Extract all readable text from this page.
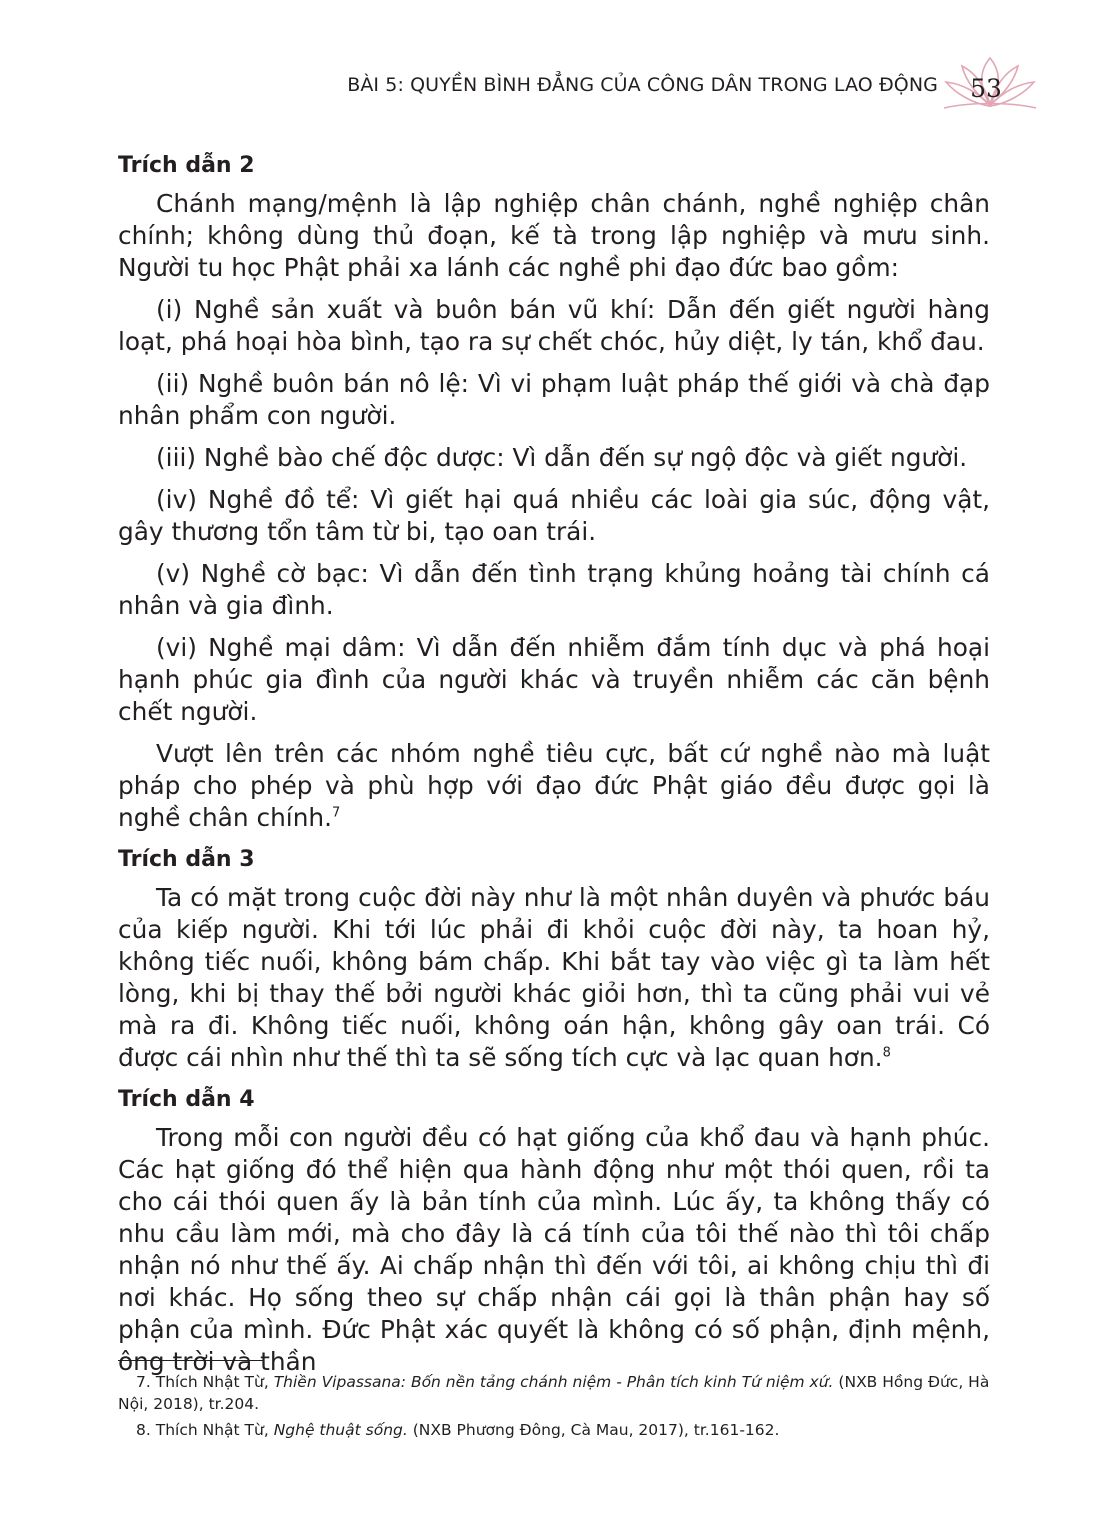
BÀI 5: QUYỀN BÌNH ĐẲNG CỦA CÔNG DÂN TRONG LAO ĐỘNG	53
Trích dẫn 2

Chánh mạng/mệnh là lập nghiệp chân chánh, nghề nghiệp chân chính; không dùng thủ đoạn, kế tà trong lập nghiệp và mưu sinh. Người tu học Phật phải xa lánh các nghề phi đạo đức bao gồm:

(i) Nghề sản xuất và buôn bán vũ khí: Dẫn đến giết người hàng loạt, phá hoại hòa bình, tạo ra sự chết chóc, hủy diệt, ly tán, khổ đau.

(ii) Nghề buôn bán nô lệ: Vì vi phạm luật pháp thế giới và chà đạp nhân phẩm con người.

(iii) Nghề bào chế độc dược: Vì dẫn đến sự ngộ độc và giết người.

(iv) Nghề đồ tể: Vì giết hại quá nhiều các loài gia súc, động vật, gây thương tổn tâm từ bi, tạo oan trái.

(v) Nghề cờ bạc: Vì dẫn đến tình trạng khủng hoảng tài chính cá nhân và gia đình.

(vi) Nghề mại dâm: Vì dẫn đến nhiễm đắm tính dục và phá hoại hạnh phúc gia đình của người khác và truyền nhiễm các căn bệnh chết người.

Vượt lên trên các nhóm nghề tiêu cực, bất cứ nghề nào mà luật pháp cho phép và phù hợp với đạo đức Phật giáo đều được gọi là nghề chân chính.$^7$

Trích dẫn 3

Ta có mặt trong cuộc đời này như là một nhân duyên và phước báu của kiếp người. Khi tới lúc phải đi khỏi cuộc đời này, ta hoan hỷ, không tiếc nuối, không bám chấp. Khi bắt tay vào việc gì ta làm hết lòng, khi bị thay thế bởi người khác giỏi hơn, thì ta cũng phải vui vẻ mà ra đi. Không tiếc nuối, không oán hận, không gây oan trái. Có được cái nhìn như thế thì ta sẽ sống tích cực và lạc quan hơn.$^8$

Trích dẫn 4

Trong mỗi con người đều có hạt giống của khổ đau và hạnh phúc. Các hạt giống đó thể hiện qua hành động như một thói quen, rồi ta cho cái thói quen ấy là bản tính của mình. Lúc ấy, ta không thấy có nhu cầu làm mới, mà cho đây là cá tính của tôi thế nào thì tôi chấp nhận nó như thế ấy. Ai chấp nhận thì đến với tôi, ai không chịu thì đi nơi khác. Họ sống theo sự chấp nhận cái gọi là thân phận hay số phận của mình. Đức Phật xác quyết là không có số phận, định mệnh, ông trời và thần

7. Thích Nhật Từ, Thiền Vipassana: Bốn nền tảng chánh niệm - Phân tích kinh Tứ niệm xứ. (NXB Hồng Đức, Hà Nội, 2018), tr.204.

8. Thích Nhật Từ, Nghệ thuật sống. (NXB Phương Đông, Cà Mau, 2017), tr.161-162.
